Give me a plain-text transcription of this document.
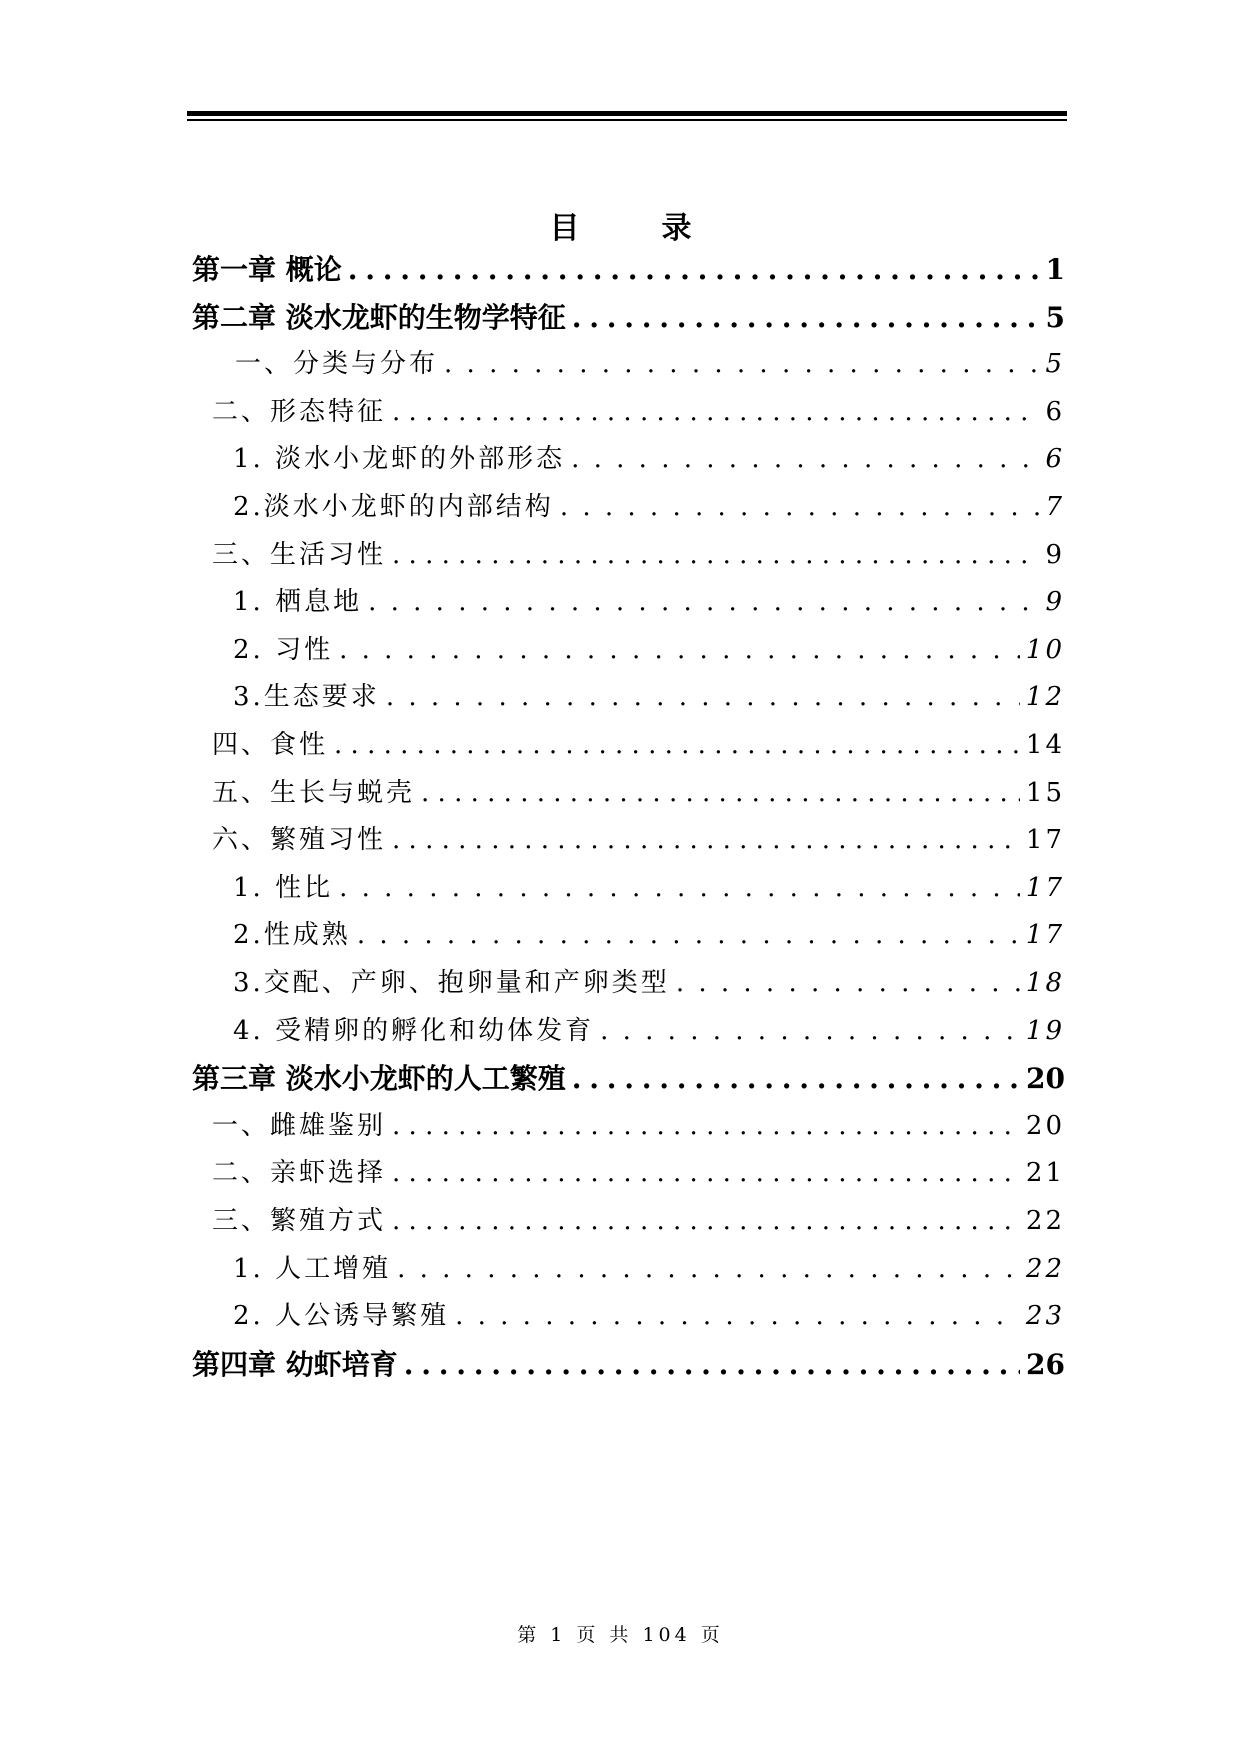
目　录
第一章 概论 . . .	1
第二章 淡水龙虾的生物学特征 . . .	5
一、分类与分布 . . .	5
二、形态特征 . . .	6
1. 淡水小龙虾的外部形态 . . .	6
2.淡水小龙虾的内部结构 . . .	7
三、生活习性 . . .	9
1. 栖息地 . . .	9
2. 习性 . . .	10
3.生态要求 . . .	12
四、食性 . . .	14
五、生长与蜕壳 . . .	15
六、繁殖习性 . . .	17
1. 性比 . . .	17
2.性成熟 . . .	17
3.交配、产卵、抱卵量和产卵类型 . . .	18
4. 受精卵的孵化和幼体发育 . . .	19
第三章 淡水小龙虾的人工繁殖 . . .	20
一、雌雄鉴别 . . .	20
二、亲虾选择 . . .	21
三、繁殖方式 . . .	22
1. 人工增殖 . . .	22
2. 人公诱导繁殖 . . .	23
第四章 幼虾培育 . . .	26
第 1 页 共 104 页
